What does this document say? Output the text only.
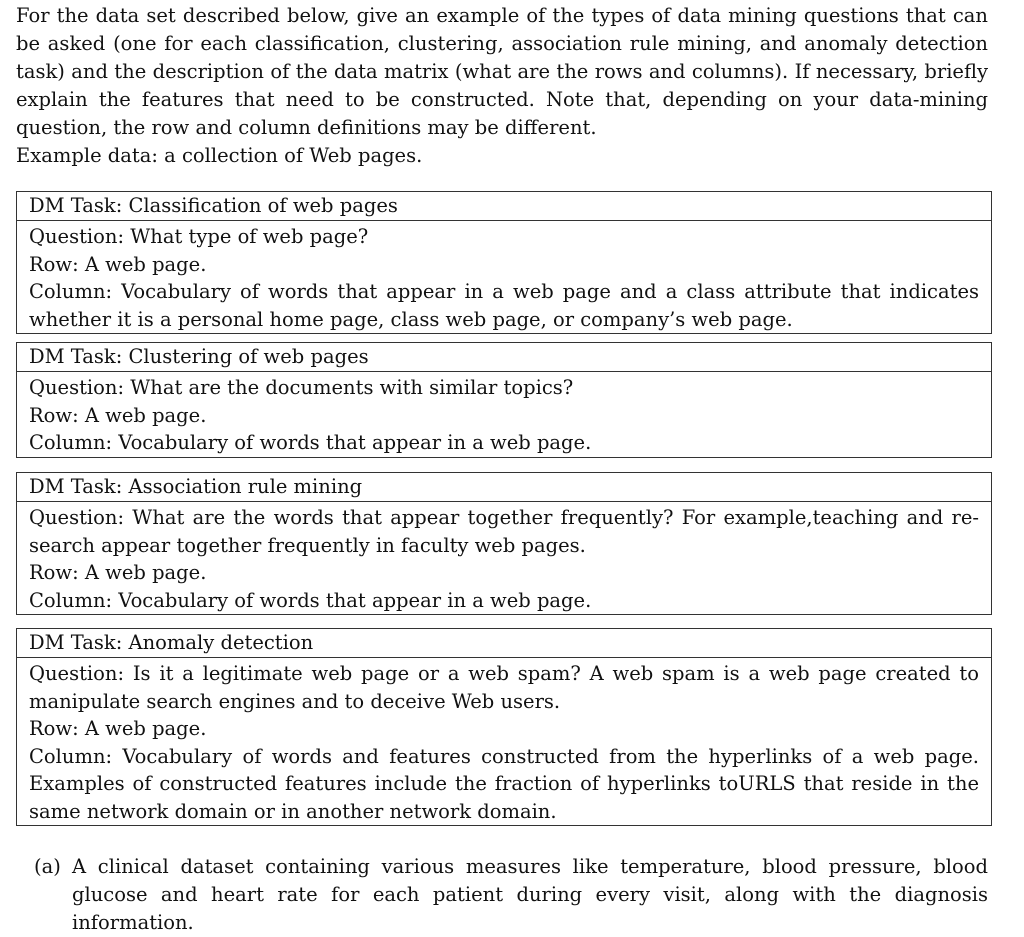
For the data set described below, give an example of the types of data mining questions that can be asked (one for each classification, clustering, association rule mining, and anomaly detection task) and the description of the data matrix (what are the rows and columns). If necessary, briefly explain the features that need to be constructed. Note that, depending on your data-mining question, the row and column definitions may be different.

Example data: a collection of Web pages.

DM Task: Classification of web pages
Question: What type of web page?
Row: A web page.
Column: Vocabulary of words that appear in a web page and a class attribute that indicates whether it is a personal home page, class web page, or company’s web page.
DM Task: Clustering of web pages
Question: What are the documents with similar topics?
Row: A web page.
Column: Vocabulary of words that appear in a web page.
DM Task: Association rule mining
Question: What are the words that appear together frequently? For example,teaching and re- search appear together frequently in faculty web pages.
Row: A web page.
Column: Vocabulary of words that appear in a web page.
DM Task: Anomaly detection
Question: Is it a legitimate web page or a web spam? A web spam is a web page created to manipulate search engines and to deceive Web users.
Row: A web page.
Column: Vocabulary of words and features constructed from the hyperlinks of a web page. Examples of constructed features include the fraction of hyperlinks toURLS that reside in the same network domain or in another network domain.
(a) A clinical dataset containing various measures like temperature, blood pressure, blood glucose and heart rate for each patient during every visit, along with the diagnosis information.
